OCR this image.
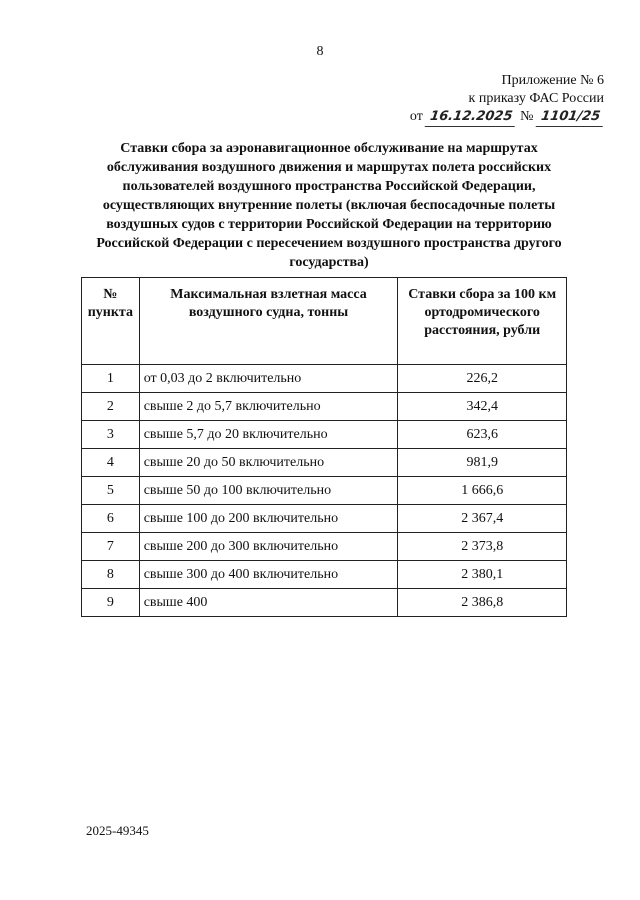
8
Приложение № 6
к приказу ФАС России
от 16.12.2025 № 1101/25
Ставки сбора за аэронавигационное обслуживание на маршрутах обслуживания воздушного движения и маршрутах полета российских пользователей воздушного пространства Российской Федерации, осуществляющих внутренние полеты (включая беспосадочные полеты воздушных судов с территории Российской Федерации на территорию Российской Федерации с пересечением воздушного пространства другого государства)
№ пункта	Максимальная взлетная масса воздушного судна, тонны	Ставки сбора за 100 км ортодромического расстояния, рубли
1	от 0,03 до 2 включительно	226,2
2	свыше 2 до 5,7 включительно	342,4
3	свыше 5,7 до 20 включительно	623,6
4	свыше 20 до 50 включительно	981,9
5	свыше 50 до 100 включительно	1 666,6
6	свыше 100 до 200 включительно	2 367,4
7	свыше 200 до 300 включительно	2 373,8
8	свыше 300 до 400 включительно	2 380,1
9	свыше 400	2 386,8
2025-49345
